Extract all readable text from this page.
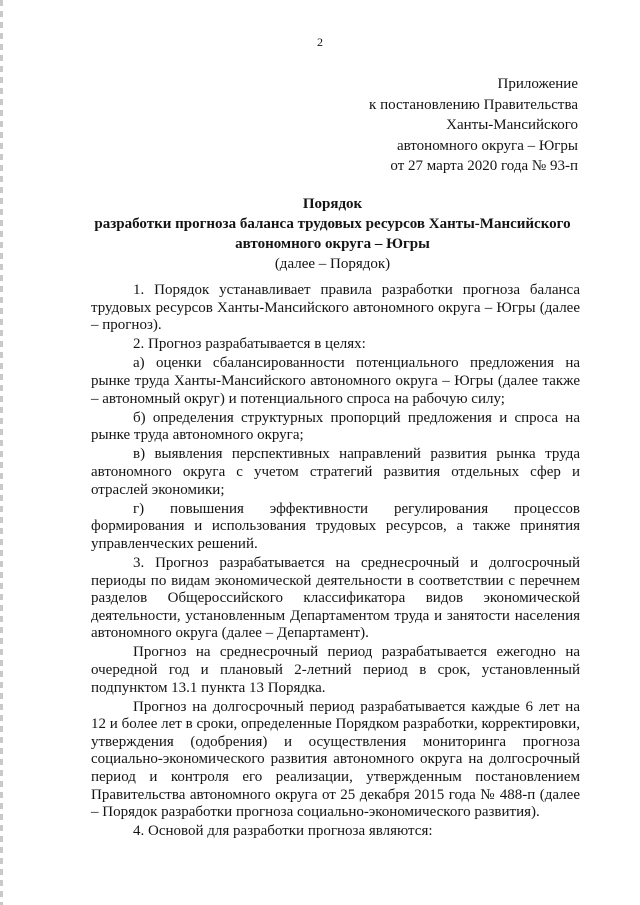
2
Приложение
к постановлению Правительства
Ханты-Мансийского
автономного округа – Югры
от 27 марта 2020 года № 93-п
Порядок
разработки прогноза баланса трудовых ресурсов Ханты-Мансийского
автономного округа – Югры
(далее – Порядок)

1. Порядок устанавливает правила разработки прогноза баланса трудовых ресурсов Ханты-Мансийского автономного округа – Югры (далее – прогноз).

2. Прогноз разрабатывается в целях:

а) оценки сбалансированности потенциального предложения на рынке труда Ханты-Мансийского автономного округа – Югры (далее также – автономный округ) и потенциального спроса на рабочую силу;

б) определения структурных пропорций предложения и спроса на рынке труда автономного округа;

в) выявления перспективных направлений развития рынка труда автономного округа с учетом стратегий развития отдельных сфер и отраслей экономики;

г) повышения эффективности регулирования процессов формирования и использования трудовых ресурсов, а также принятия управленческих решений.

3. Прогноз разрабатывается на среднесрочный и долгосрочный периоды по видам экономической деятельности в соответствии с перечнем разделов Общероссийского классификатора видов экономической деятельности, установленным Департаментом труда и занятости населения автономного округа (далее – Департамент).

Прогноз на среднесрочный период разрабатывается ежегодно на очередной год и плановый 2-летний период в срок, установленный подпунктом 13.1 пункта 13 Порядка.

Прогноз на долгосрочный период разрабатывается каждые 6 лет на 12 и более лет в сроки, определенные Порядком разработки, корректировки, утверждения (одобрения) и осуществления мониторинга прогноза социально-экономического развития автономного округа на долгосрочный период и контроля его реализации, утвержденным постановлением Правительства автономного округа от 25 декабря 2015 года № 488-п (далее – Порядок разработки прогноза социально-экономического развития).

4. Основой для разработки прогноза являются:
